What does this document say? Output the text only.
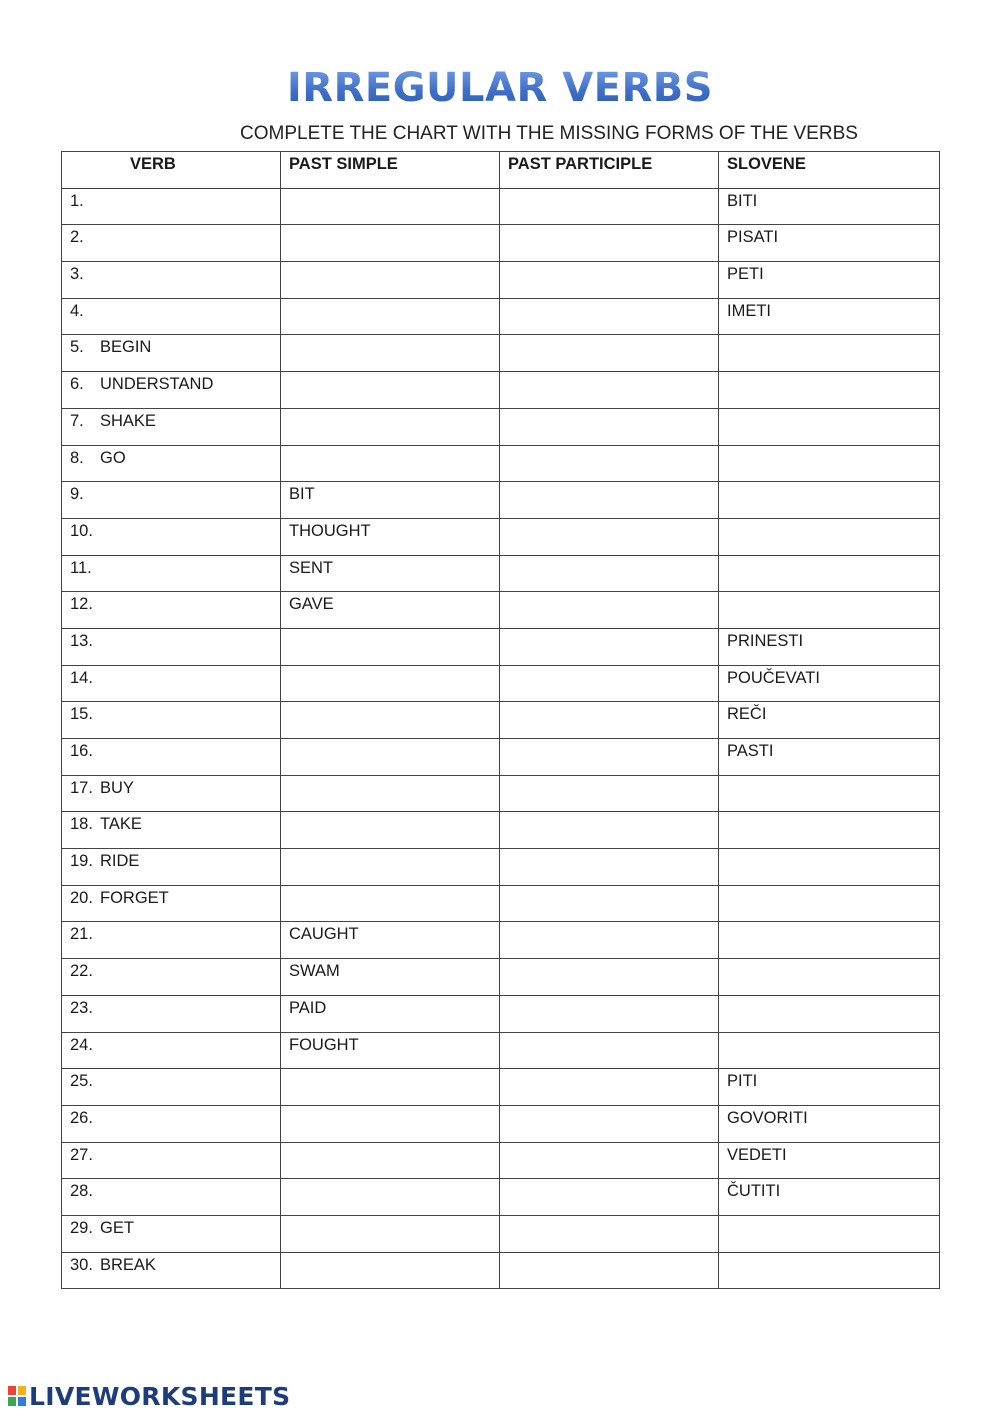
IRREGULAR VERBS
COMPLETE THE CHART WITH THE MISSING FORMS OF THE VERBS
VERB	PAST SIMPLE	PAST PARTICIPLE	SLOVENE
1.			BITI
2.			PISATI
3.			PETI
4.			IMETI
5. BEGIN			
6. UNDERSTAND			
7. SHAKE			
8. GO			
9.	BIT		
10.	THOUGHT		
11.	SENT		
12.	GAVE		
13.			PRINESTI
14.			POUČEVATI
15.			REČI
16.			PASTI
17. BUY			
18. TAKE			
19. RIDE			
20. FORGET			
21.	CAUGHT		
22.	SWAM		
23.	PAID		
24.	FOUGHT		
25.			PITI
26.			GOVORITI
27.			VEDETI
28.			ČUTITI
29. GET			
30. BREAK			
LIVEWORKSHEETS
